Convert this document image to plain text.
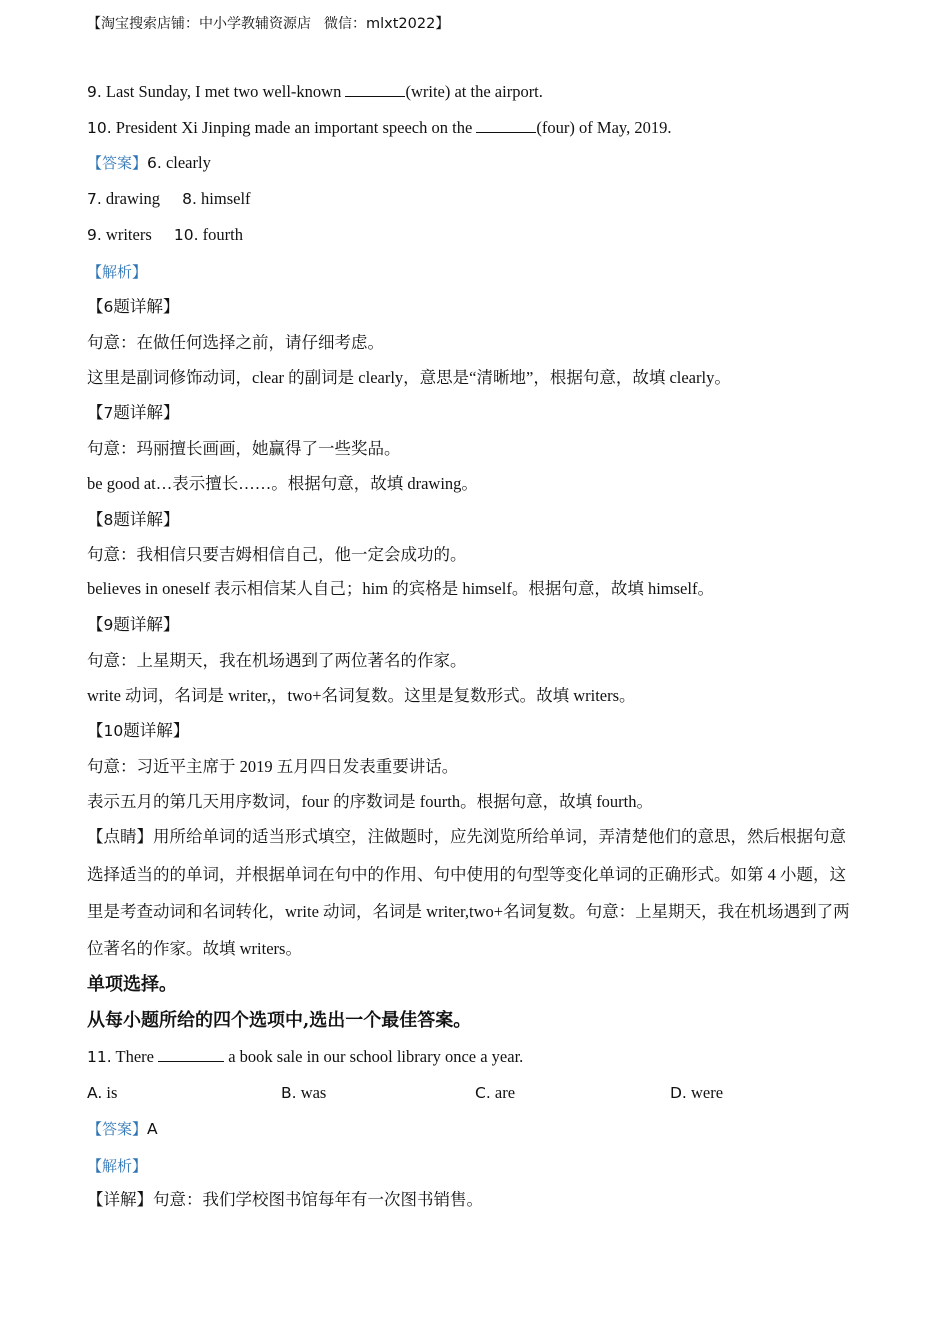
【淘宝搜索店铺：中小学教辅资源店 微信：mlxt2022】
9. Last Sunday, I met two well-known	(write) at the airport.
10. President Xi Jinping made an important speech on the	(four) of May, 2019.
【答案】6. clearly
7. drawing 8. himself
9. writers 10. fourth
【解析】
【6题详解】
句意：在做任何选择之前，请仔细考虑。
这里是副词修饰动词，clear 的副词是 clearly，意思是“清晰地”，根据句意，故填 clearly。
【7题详解】
句意：玛丽擅长画画，她赢得了一些奖品。
be good at…表示擅长……。根据句意，故填 drawing。
【8题详解】
句意：我相信只要吉姆相信自己，他一定会成功的。
believes in oneself 表示相信某人自己；him 的宾格是 himself。根据句意，故填 himself。
【9题详解】
句意：上星期天，我在机场遇到了两位著名的作家。
write 动词，名词是 writer,，two+名词复数。这里是复数形式。故填 writers。
【10题详解】
句意：习近平主席于 2019 五月四日发表重要讲话。
表示五月的第几天用序数词，four 的序数词是 fourth。根据句意，故填 fourth。
【点睛】用所给单词的适当形式填空，注做题时，应先浏览所给单词，弄清楚他们的意思，然后根据句意
选择适当的的单词，并根据单词在句中的作用、句中使用的句型等变化单词的正确形式。如第 4 小题，这
里是考查动词和名词转化，write 动词，名词是 writer,two+名词复数。句意：上星期天，我在机场遇到了两
位著名的作家。故填 writers。
单项选择。
从每小题所给的四个选项中,选出一个最佳答案。
11. There	a book sale in our school library once a year.
A. is	B. was	C. are	D. were
【答案】A
【解析】
【详解】句意：我们学校图书馆每年有一次图书销售。
